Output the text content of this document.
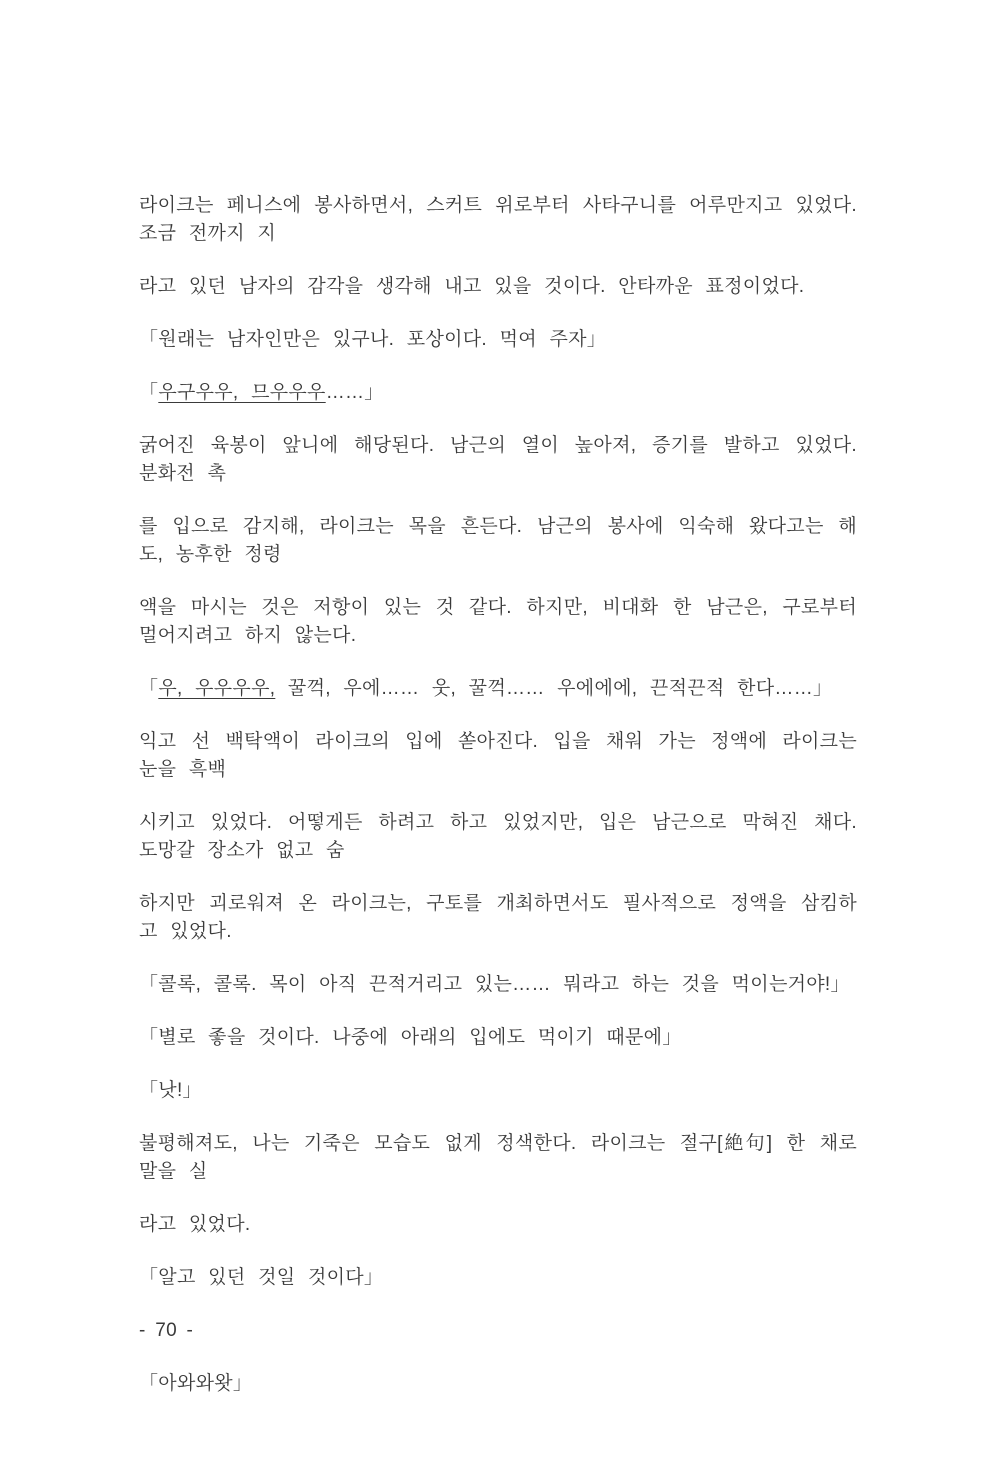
라이크는 페니스에 봉사하면서, 스커트 위로부터 사타구니를 어루만지고 있었다. 조금 전까지 지

라고 있던 남자의 감각을 생각해 내고 있을 것이다. 안타까운 표정이었다.

「원래는 남자인만은 있구나. 포상이다. 먹여 주자」

「우구우우, 므우우우……」

굵어진 육봉이 앞니에 해당된다. 남근의 열이 높아져, 증기를 발하고 있었다. 분화전 촉

를 입으로 감지해, 라이크는 목을 흔든다. 남근의 봉사에 익숙해 왔다고는 해도, 농후한 정령

액을 마시는 것은 저항이 있는 것 같다. 하지만, 비대화 한 남근은, 구로부터 멀어지려고 하지 않는다.

「우, 우우우우, 꿀꺽, 우에…… 웃, 꿀꺽…… 우에에에, 끈적끈적 한다……」

익고 선 백탁액이 라이크의 입에 쏟아진다. 입을 채워 가는 정액에 라이크는 눈을 흑백

시키고 있었다. 어떻게든 하려고 하고 있었지만, 입은 남근으로 막혀진 채다. 도망갈 장소가 없고 숨

하지만 괴로워져 온 라이크는, 구토를 개최하면서도 필사적으로 정액을 삼킴하고 있었다.

「콜록, 콜록. 목이 아직 끈적거리고 있는…… 뭐라고 하는 것을 먹이는거야!」

「별로 좋을 것이다. 나중에 아래의 입에도 먹이기 때문에」

「낫!」

불평해져도, 나는 기죽은 모습도 없게 정색한다. 라이크는 절구[絶句] 한 채로 말을 실

라고 있었다.

「알고 있던 것일 것이다」

- 70 -

「아와와왓」
